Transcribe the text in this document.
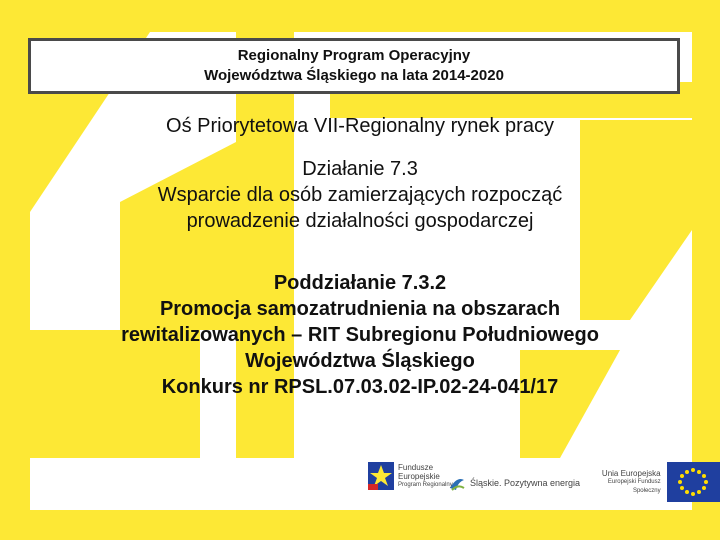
Regionalny Program Operacyjny
Województwa Śląskiego na lata 2014-2020
Oś Priorytetowa VII-Regionalny rynek pracy
Działanie 7.3
Wsparcie dla osób zamierzających rozpocząć
prowadzenie działalności gospodarczej
Poddziałanie 7.3.2
Promocja samozatrudnienia na obszarach
rewitalizowanych – RIT Subregionu Południowego
Województwa Śląskiego
Konkurs nr RPSL.07.03.02-IP.02-24-041/17
Fundusze
Europejskie
Program Regionalny Śląskie. Pozytywna energia
Unia Europejska
Europejski Fundusz Społeczny
